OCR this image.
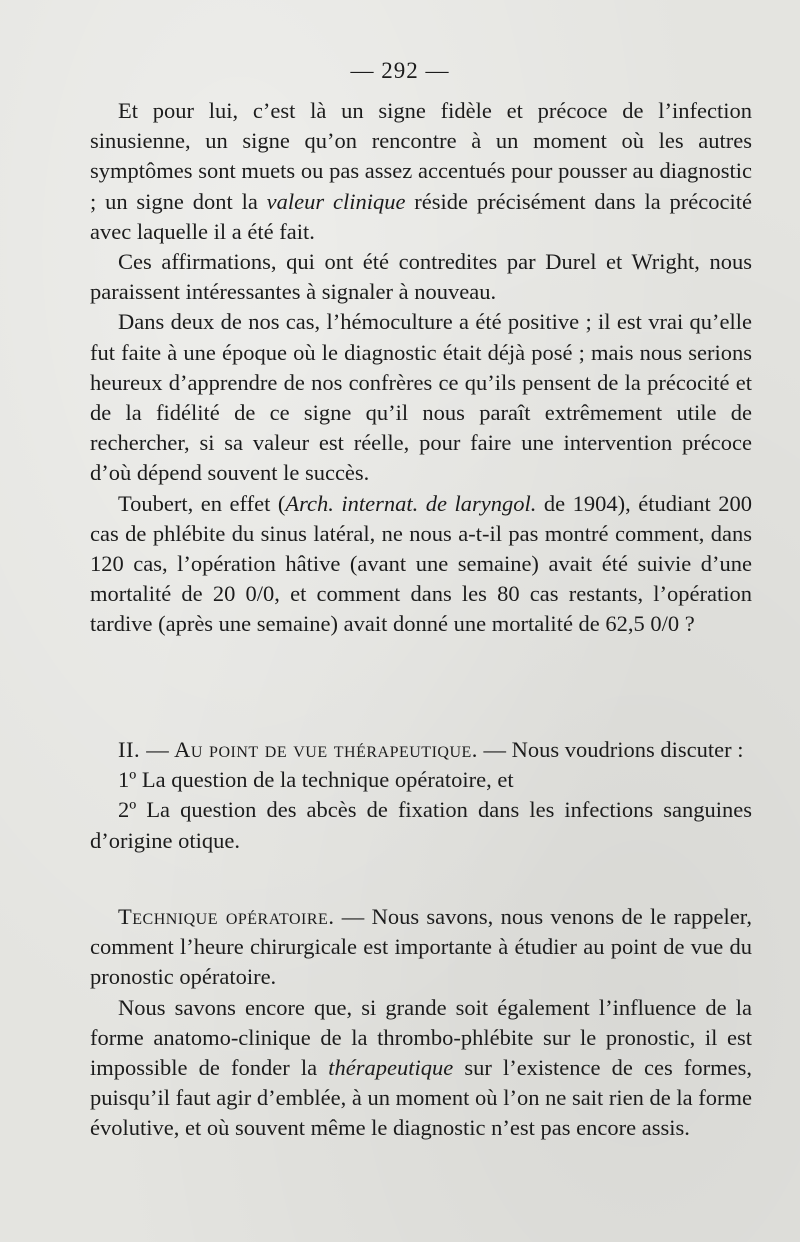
— 292 —

Et pour lui, c’est là un signe fidèle et précoce de l’infection sinusienne, un signe qu’on rencontre à un moment où les autres symptômes sont muets ou pas assez accentués pour pousser au diagnostic ; un signe dont la valeur clinique réside précisément dans la précocité avec laquelle il a été fait.

Ces affirmations, qui ont été contredites par Durel et Wright, nous paraissent intéressantes à signaler à nouveau.

Dans deux de nos cas, l’hémoculture a été positive ; il est vrai qu’elle fut faite à une époque où le diagnostic était déjà posé ; mais nous serions heureux d’apprendre de nos confrères ce qu’ils pensent de la précocité et de la fidélité de ce signe qu’il nous paraît extrêmement utile de rechercher, si sa valeur est réelle, pour faire une intervention précoce d’où dépend souvent le succès.

Toubert, en effet (Arch. internat. de laryngol. de 1904), étudiant 200 cas de phlébite du sinus latéral, ne nous a-t-il pas montré comment, dans 120 cas, l’opération hâtive (avant une semaine) avait été suivie d’une mortalité de 20 0/0, et comment dans les 80 cas restants, l’opération tardive (après une semaine) avait donné une mortalité de 62,5 0/0 ?

II. — Au point de vue thérapeutique. — Nous voudrions discuter :

1º La question de la technique opératoire, et

2º La question des abcès de fixation dans les infections sanguines d’origine otique.

Technique opératoire. — Nous savons, nous venons de le rappeler, comment l’heure chirurgicale est importante à étudier au point de vue du pronostic opératoire.

Nous savons encore que, si grande soit également l’influence de la forme anatomo-clinique de la thrombo-phlébite sur le pronostic, il est impossible de fonder la thérapeutique sur l’existence de ces formes, puisqu’il faut agir d’emblée, à un moment où l’on ne sait rien de la forme évolutive, et où souvent même le diagnostic n’est pas encore assis.
